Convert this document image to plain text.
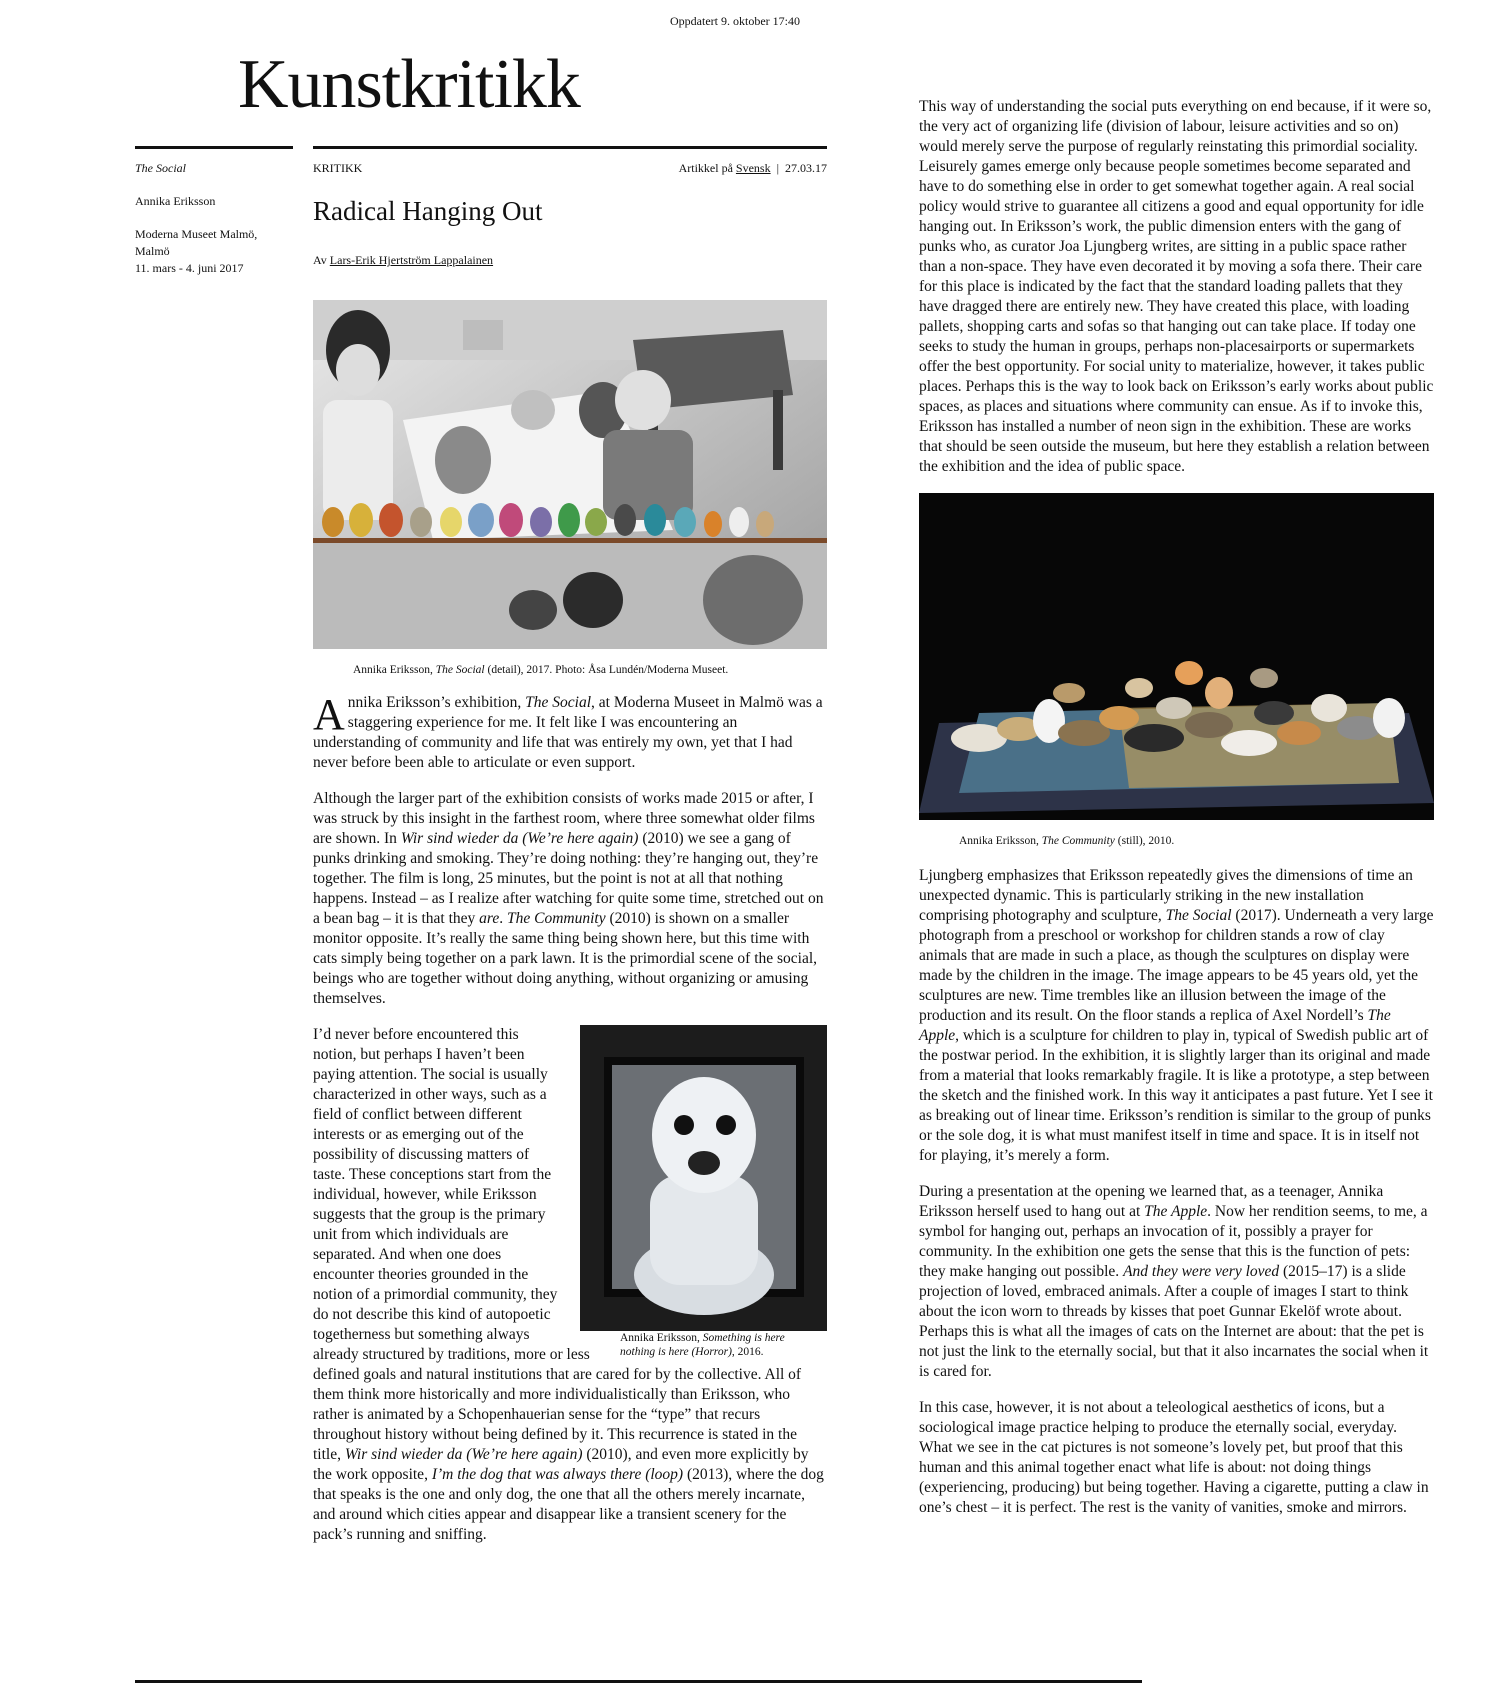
Oppdatert 9. oktober 17:40
Kunstkritikk

The Social

Annika Eriksson

Moderna Museet Malmö,
Malmö
11. mars - 4. juni 2017

KRITIKK	Artikkel på Svensk | 27.03.17
Radical Hanging Out
Av Lars-Erik Hjertström Lappalainen
Annika Eriksson, The Social (detail), 2017. Photo: Åsa Lundén/Moderna Museet.

Annika Eriksson’s exhibition, The Social, at Moderna Museet in Malmö was a staggering experience for me. It felt like I was encountering an understanding of community and life that was entirely my own, yet that I had never before been able to articulate or even support.

Although the larger part of the exhibition consists of works made 2015 or after, I was struck by this insight in the farthest room, where three somewhat older films are shown. In Wir sind wieder da (We’re here again) (2010) we see a gang of punks drinking and smoking. They’re doing nothing: they’re hanging out, they’re together. The film is long, 25 minutes, but the point is not at all that nothing happens. Instead – as I realize after watching for quite some time, stretched out on a bean bag – it is that they are. The Community (2010) is shown on a smaller monitor opposite. It’s really the same thing being shown here, but this time with cats simply being together on a park lawn. It is the primordial scene of the social, beings who are together without doing anything, without organizing or amusing themselves.

Annika Eriksson, Something is here nothing is here (Horror), 2016.

I’d never before encountered this notion, but perhaps I haven’t been paying attention. The social is usually characterized in other ways, such as a field of conflict between different interests or as emerging out of the possibility of discussing matters of taste. These conceptions start from the individual, however, while Eriksson suggests that the group is the primary unit from which individuals are separated. And when one does encounter theories grounded in the notion of a primordial community, they do not describe this kind of autopoetic togetherness but something always already structured by traditions, more or less defined goals and natural institutions that are cared for by the collective. All of them think more historically and more individualistically than Eriksson, who rather is animated by a Schopenhauerian sense for the “type” that recurs throughout history without being defined by it. This recurrence is stated in the title, Wir sind wieder da (We’re here again) (2010), and even more explicitly by the work opposite, I’m the dog that was always there (loop) (2013), where the dog that speaks is the one and only dog, the one that all the others merely incarnate, and around which cities appear and disappear like a transient scenery for the pack’s running and sniffing.

This way of understanding the social puts everything on end because, if it were so, the very act of organizing life (division of labour, leisure activities and so on) would merely serve the purpose of regularly reinstating this primordial sociality. Leisurely games emerge only because people sometimes become separated and have to do something else in order to get somewhat together again. A real social policy would strive to guarantee all citizens a good and equal opportunity for idle hanging out. In Eriksson’s work, the public dimension enters with the gang of punks who, as curator Joa Ljungberg writes, are sitting in a public space rather than a non-space. They have even decorated it by moving a sofa there. Their care for this place is indicated by the fact that the standard loading pallets that they have dragged there are entirely new. They have created this place, with loading pallets, shopping carts and sofas so that hanging out can take place. If today one seeks to study the human in groups, perhaps non-placesairports or supermarkets offer the best opportunity. For social unity to materialize, however, it takes public places. Perhaps this is the way to look back on Eriksson’s early works about public spaces, as places and situations where community can ensue. As if to invoke this, Eriksson has installed a number of neon sign in the exhibition. These are works that should be seen outside the museum, but here they establish a relation between the exhibition and the idea of public space.

Annika Eriksson, The Community (still), 2010.

Ljungberg emphasizes that Eriksson repeatedly gives the dimensions of time an unexpected dynamic. This is particularly striking in the new installation comprising photography and sculpture, The Social (2017). Underneath a very large photograph from a preschool or workshop for children stands a row of clay animals that are made in such a place, as though the sculptures on display were made by the children in the image. The image appears to be 45 years old, yet the sculptures are new. Time trembles like an illusion between the image of the production and its result. On the floor stands a replica of Axel Nordell’s The Apple, which is a sculpture for children to play in, typical of Swedish public art of the postwar period. In the exhibition, it is slightly larger than its original and made from a material that looks remarkably fragile. It is like a prototype, a step between the sketch and the finished work. In this way it anticipates a past future. Yet I see it as breaking out of linear time. Eriksson’s rendition is similar to the group of punks or the sole dog, it is what must manifest itself in time and space. It is in itself not for playing, it’s merely a form.

During a presentation at the opening we learned that, as a teenager, Annika Eriksson herself used to hang out at The Apple. Now her rendition seems, to me, a symbol for hanging out, perhaps an invocation of it, possibly a prayer for community. In the exhibition one gets the sense that this is the function of pets: they make hanging out possible. And they were very loved (2015–17) is a slide projection of loved, embraced animals. After a couple of images I start to think about the icon worn to threads by kisses that poet Gunnar Ekelöf wrote about. Perhaps this is what all the images of cats on the Internet are about: that the pet is not just the link to the eternally social, but that it also incarnates the social when it is cared for.

In this case, however, it is not about a teleological aesthetics of icons, but a sociological image practice helping to produce the eternally social, everyday. What we see in the cat pictures is not someone’s lovely pet, but proof that this human and this animal together enact what life is about: not doing things (experiencing, producing) but being together. Having a cigarette, putting a claw in one’s chest – it is perfect. The rest is the vanity of vanities, smoke and mirrors.
